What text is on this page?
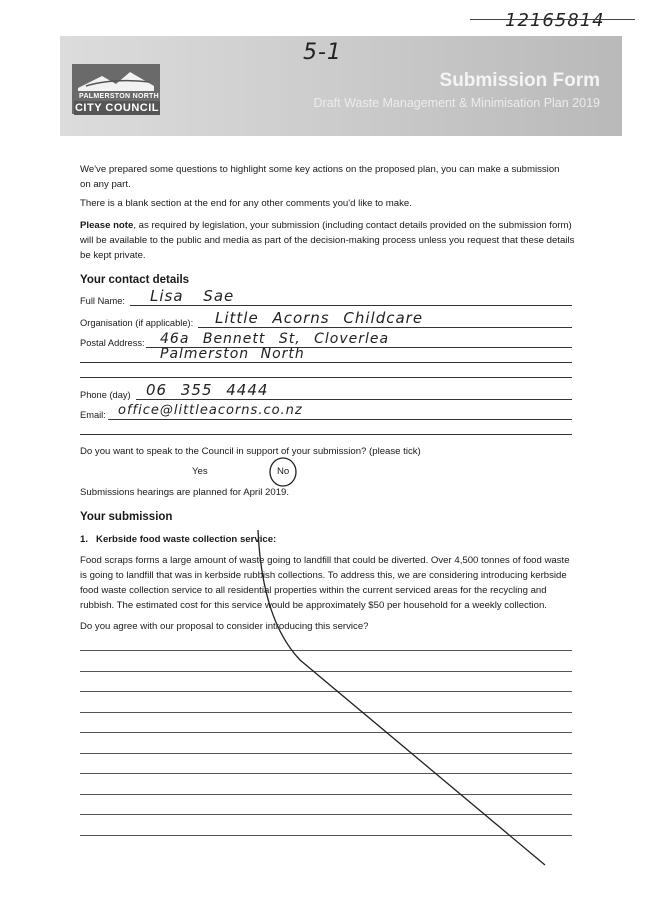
12165814
5-1
PALMERSTON NORTH
CITY COUNCIL
Submission Form
Draft Waste Management & Minimisation Plan 2019
We've prepared some questions to highlight some key actions on the proposed plan, you can make a submission on any part.
There is a blank section at the end for any other comments you'd like to make.
Please note, as required by legislation, your submission (including contact details provided on the submission form) will be available to the public and media as part of the decision-making process unless you request that these details be kept private.
Your contact details
Full Name: Lisa Sae
Organisation (if applicable): Little Acorns Childcare
Postal Address: 46a Bennett St, Cloverlea
Palmerston North
Phone (day) 06 355 4444
Email: office@littleacorns.co.nz
Do you want to speak to the Council in support of your submission? (please tick)
Yes	No
Submissions hearings are planned for April 2019.
Your submission
1. Kerbside food waste collection service:
Food scraps forms a large amount of waste going to landfill that could be diverted. Over 4,500 tonnes of food waste is going to landfill that was in kerbside rubbish collections. To address this, we are considering introducing kerbside food waste collection service to all residential properties within the current serviced areas for the recycling and rubbish. The estimated cost for this service would be approximately $50 per household for a weekly collection.
Do you agree with our proposal to consider introducing this service?
